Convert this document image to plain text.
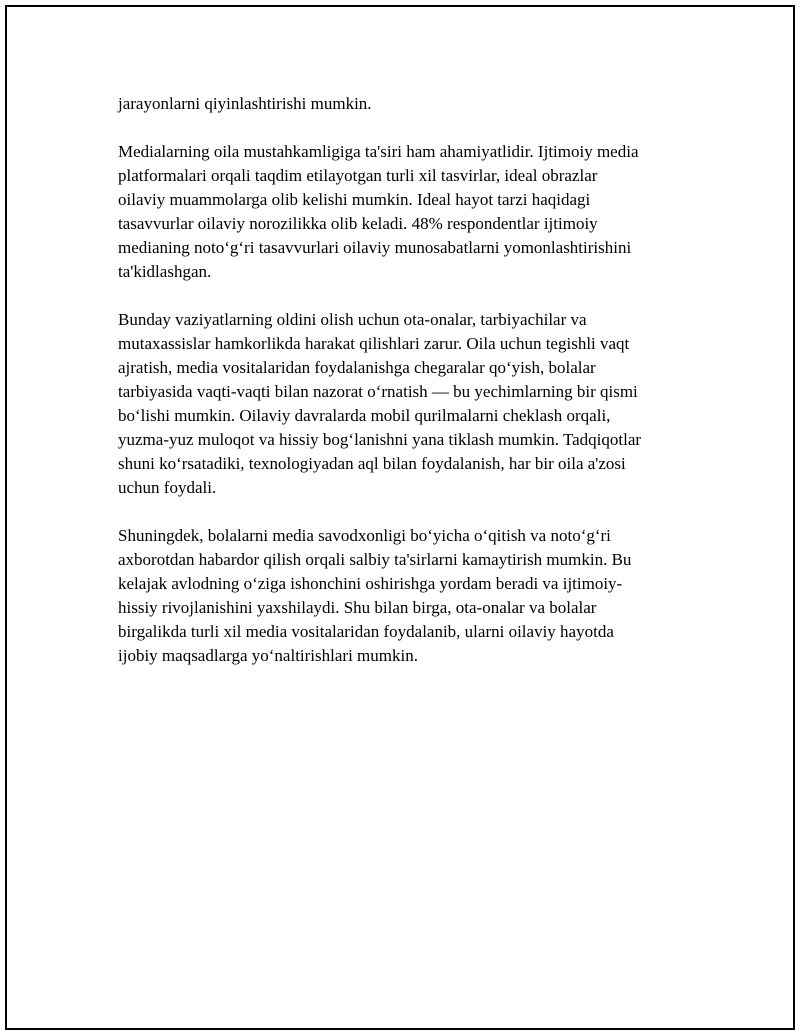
jarayonlarni qiyinlashtirishi mumkin.

Medialarning oila mustahkamligiga ta'siri ham ahamiyatlidir. Ijtimoiy media
platformalari orqali taqdim etilayotgan turli xil tasvirlar, ideal obrazlar
oilaviy muammolarga olib kelishi mumkin. Ideal hayot tarzi haqidagi
tasavvurlar oilaviy norozilikka olib keladi. 48% respondentlar ijtimoiy
medianing noto‘g‘ri tasavvurlari oilaviy munosabatlarni yomonlashtirishini
ta'kidlashgan.

Bunday vaziyatlarning oldini olish uchun ota-onalar, tarbiyachilar va
mutaxassislar hamkorlikda harakat qilishlari zarur. Oila uchun tegishli vaqt
ajratish, media vositalaridan foydalanishga chegaralar qo‘yish, bolalar
tarbiyasida vaqti-vaqti bilan nazorat o‘rnatish — bu yechimlarning bir qismi
bo‘lishi mumkin. Oilaviy davralarda mobil qurilmalarni cheklash orqali,
yuzma-yuz muloqot va hissiy bog‘lanishni yana tiklash mumkin. Tadqiqotlar
shuni ko‘rsatadiki, texnologiyadan aql bilan foydalanish, har bir oila a'zosi
uchun foydali.

Shuningdek, bolalarni media savodxonligi bo‘yicha o‘qitish va noto‘g‘ri
axborotdan habardor qilish orqali salbiy ta'sirlarni kamaytirish mumkin. Bu
kelajak avlodning o‘ziga ishonchini oshirishga yordam beradi va ijtimoiy-
hissiy rivojlanishini yaxshilaydi. Shu bilan birga, ota-onalar va bolalar
birgalikda turli xil media vositalaridan foydalanib, ularni oilaviy hayotda
ijobiy maqsadlarga yo‘naltirishlari mumkin.
